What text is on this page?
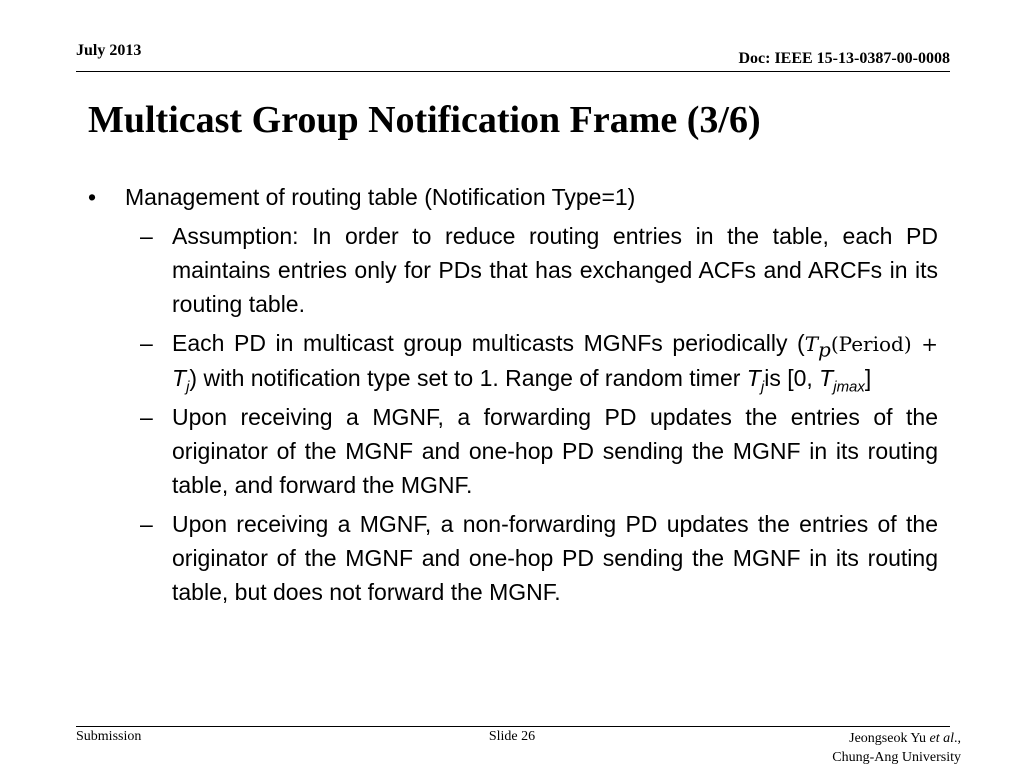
July 2013	Doc: IEEE 15-13-0387-00-0008
Multicast Group Notification Frame (3/6)
•	Management of routing table (Notification Type=1)
– Assumption: In order to reduce routing entries in the table, each PD maintains entries only for PDs that has exchanged ACFs and ARCFs in its routing table.
– Each PD in multicast group multicasts MGNFs periodically $(T_p(Period) + T_j)$ with notification type set to 1. Range of random timer $T_jis$ [0, $T_{jmax}$]
– Upon receiving a MGNF, a forwarding PD updates the entries of the originator of the MGNF and one-hop PD sending the MGNF in its routing table, and forward the MGNF.
– Upon receiving a MGNF, a non-forwarding PD updates the entries of the originator of the MGNF and one-hop PD sending the MGNF in its routing table, but does not forward the MGNF.
Submission	Slide 26	Jeongseok Yu et al.,
Chung-Ang University
